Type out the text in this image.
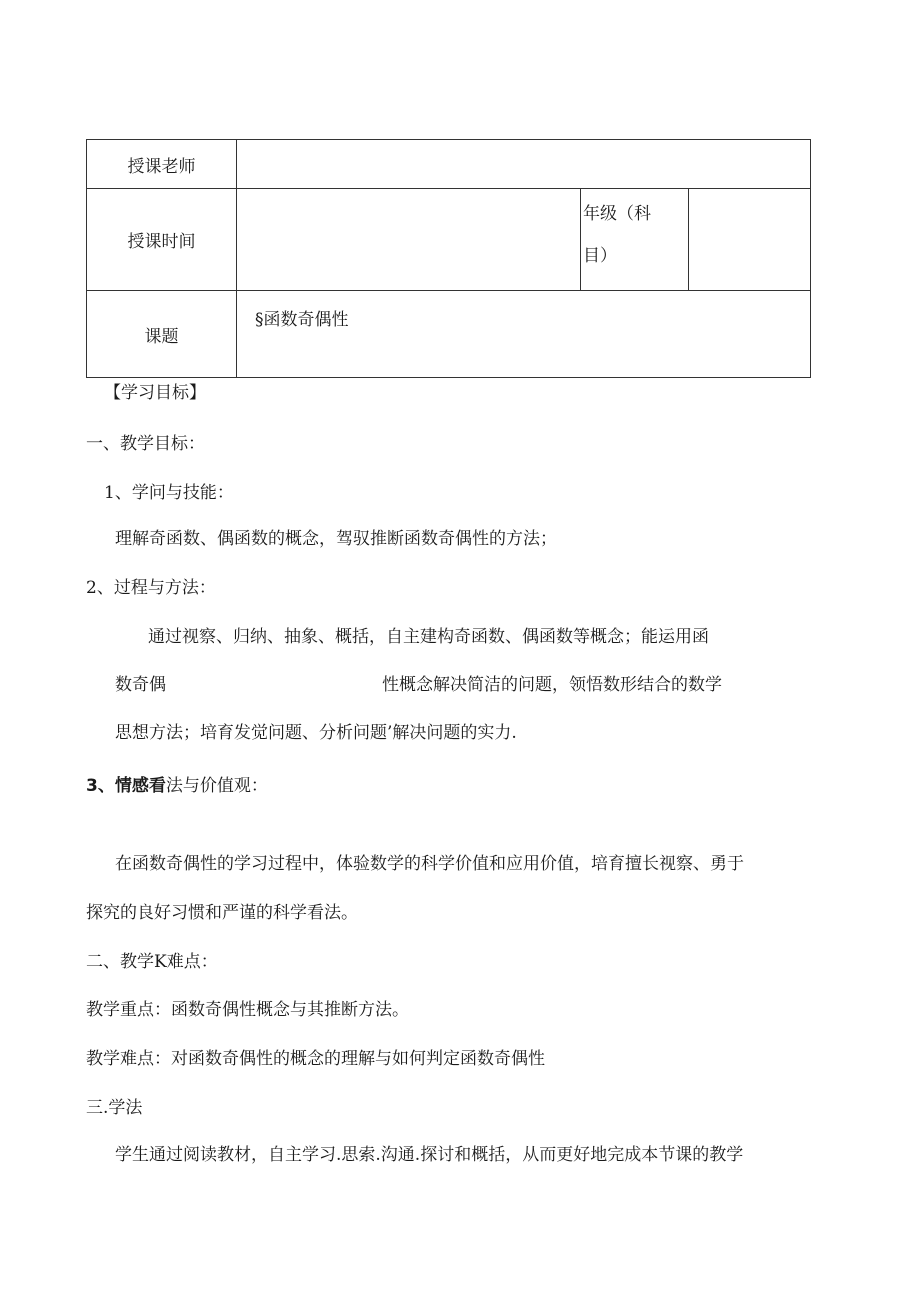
授课老师			
授课时间		年级（科
目）	

课题	§函数奇偶性		

【学习目标】

一、教学目标：

1、学问与技能：

理解奇函数、偶函数的概念，驾驭推断函数奇偶性的方法；

2、过程与方法：

通过视察、归纳、抽象、概括，自主建构奇函数、偶函数等概念；能运用函

数奇偶	性概念解决简洁的问题，领悟数形结合的数学

思想方法；培育发觉问题、分析问题’解决问题的实力.

3、情感看法与价值观：

在函数奇偶性的学习过程中，体验数学的科学价值和应用价值，培育擅长视察、勇于

探究的良好习惯和严谨的科学看法。

二、教学K难点：

教学重点：函数奇偶性概念与其推断方法。

教学难点：对函数奇偶性的概念的理解与如何判定函数奇偶性

三.学法

学生通过阅读教材，自主学习.思索.沟通.探讨和概括，从而更好地完成本节课的教学
